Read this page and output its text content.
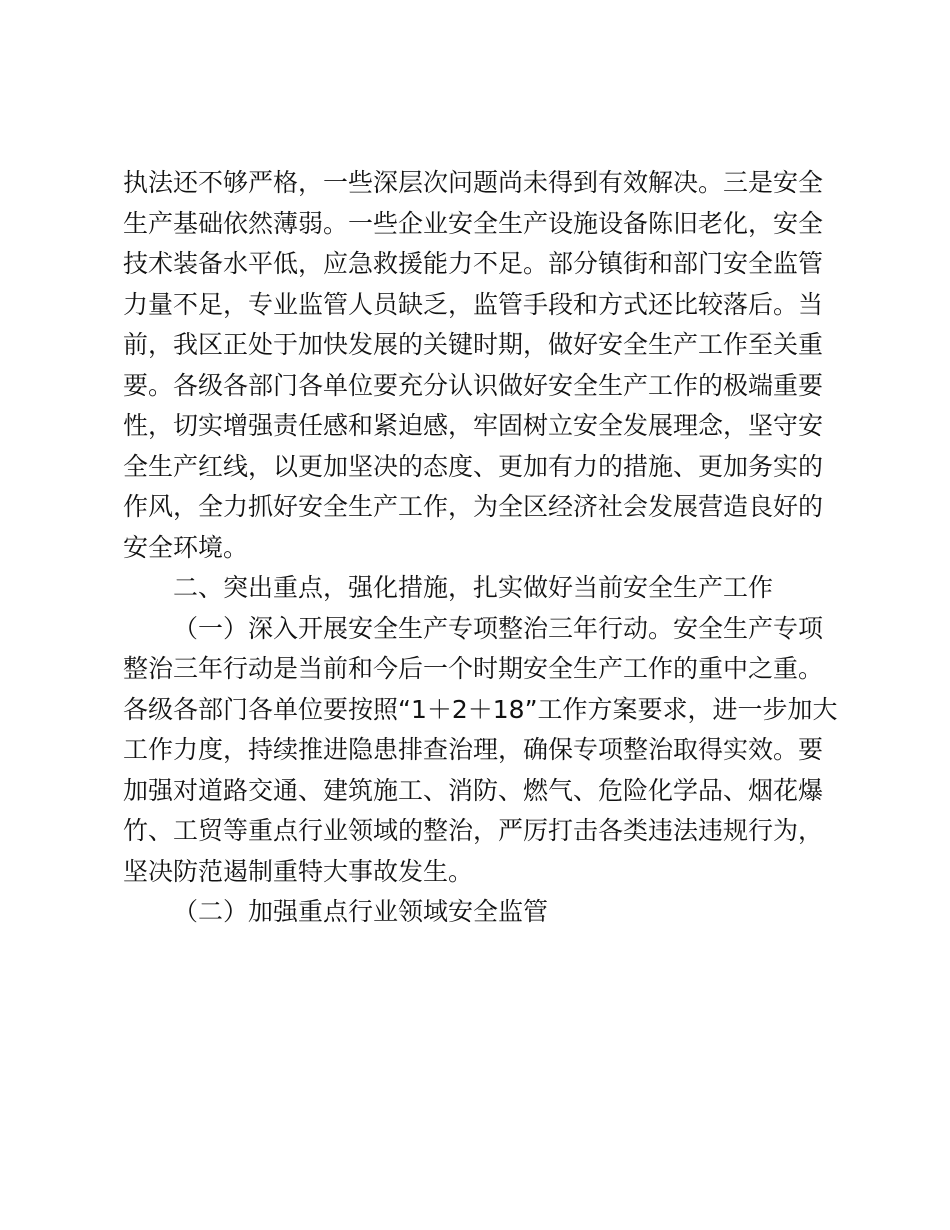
执法还不够严格，一些深层次问题尚未得到有效解决。三是安全
生产基础依然薄弱。一些企业安全生产设施设备陈旧老化，安全
技术装备水平低，应急救援能力不足。部分镇街和部门安全监管
力量不足，专业监管人员缺乏，监管手段和方式还比较落后。当
前，我区正处于加快发展的关键时期，做好安全生产工作至关重
要。各级各部门各单位要充分认识做好安全生产工作的极端重要
性，切实增强责任感和紧迫感，牢固树立安全发展理念，坚守安
全生产红线，以更加坚决的态度、更加有力的措施、更加务实的
作风，全力抓好安全生产工作，为全区经济社会发展营造良好的
安全环境。
二、突出重点，强化措施，扎实做好当前安全生产工作
（一）深入开展安全生产专项整治三年行动。安全生产专项
整治三年行动是当前和今后一个时期安全生产工作的重中之重。
各级各部门各单位要按照“1＋2＋18”工作方案要求，进一步加大
工作力度，持续推进隐患排查治理，确保专项整治取得实效。要
加强对道路交通、建筑施工、消防、燃气、危险化学品、烟花爆
竹、工贸等重点行业领域的整治，严厉打击各类违法违规行为，
坚决防范遏制重特大事故发生。
（二）加强重点行业领域安全监管
